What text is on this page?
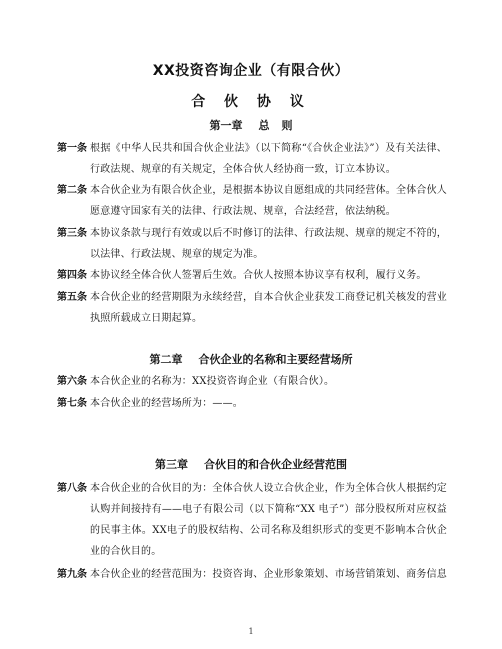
XX投资咨询企业（有限合伙）
合 伙 协 议
第一章 总则
第一条 根据《中华人民共和国合伙企业法》（以下简称“《合伙企业法》”）及有关法律、行政法规、规章的有关规定，全体合伙人经协商一致，订立本协议。
第二条 本合伙企业为有限合伙企业，是根据本协议自愿组成的共同经营体。全体合伙人愿意遵守国家有关的法律、行政法规、规章，合法经营，依法纳税。
第三条 本协议条款与现行有效或以后不时修订的法律、行政法规、规章的规定不符的，以法律、行政法规、规章的规定为准。
第四条 本协议经全体合伙人签署后生效。合伙人按照本协议享有权利，履行义务。
第五条 本合伙企业的经营期限为永续经营，自本合伙企业获发工商登记机关核发的营业执照所载成立日期起算。
第二章 合伙企业的名称和主要经营场所
第六条 本合伙企业的名称为：XX投资咨询企业（有限合伙）。
第七条 本合伙企业的经营场所为：——。
第三章 合伙目的和合伙企业经营范围
第八条 本合伙企业的合伙目的为：全体合伙人设立合伙企业，作为全体合伙人根据约定认购并间接持有——电子有限公司（以下简称“XX 电子”）部分股权所对应权益的民事主体。XX电子的股权结构、公司名称及组织形式的变更不影响本合伙企业的合伙目的。
第九条 本合伙企业的经营范围为：投资咨询、企业形象策划、市场营销策划、商务信息
1
